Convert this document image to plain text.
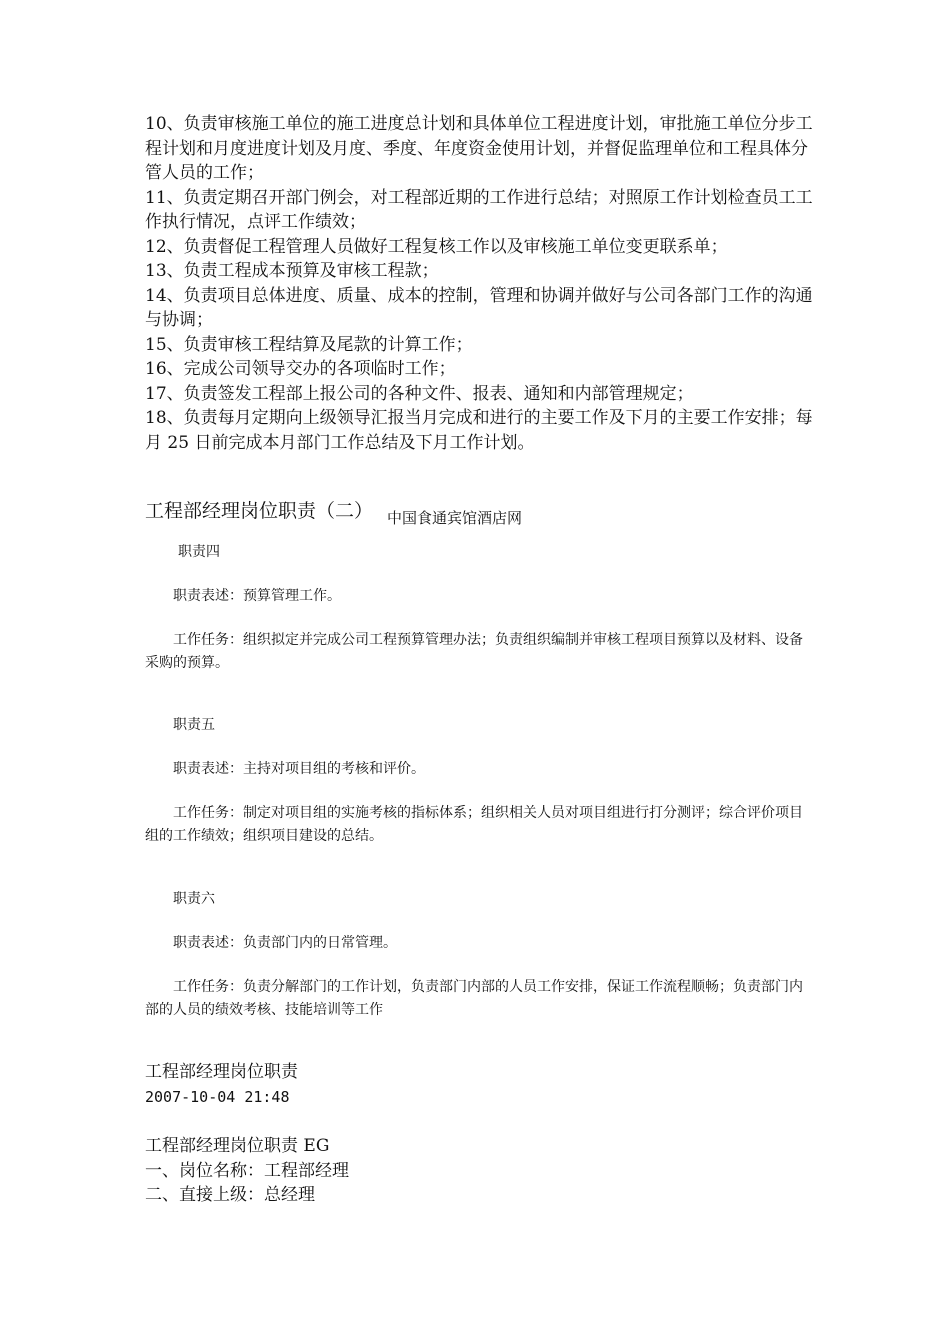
10、负责审核施工单位的施工进度总计划和具体单位工程进度计划，审批施工单位分步工程计划和月度进度计划及月度、季度、年度资金使用计划，并督促监理单位和工程具体分管人员的工作；

11、负责定期召开部门例会，对工程部近期的工作进行总结；对照原工作计划检查员工工作执行情况，点评工作绩效；

12、负责督促工程管理人员做好工程复核工作以及审核施工单位变更联系单；

13、负责工程成本预算及审核工程款；

14、负责项目总体进度、质量、成本的控制，管理和协调并做好与公司各部门工作的沟通与协调；

15、负责审核工程结算及尾款的计算工作；

16、完成公司领导交办的各项临时工作；

17、负责签发工程部上报公司的各种文件、报表、通知和内部管理规定；

18、负责每月定期向上级领导汇报当月完成和进行的主要工作及下月的主要工作安排；每月 25 日前完成本月部门工作总结及下月工作计划。

工程部经理岗位职责（二） $_{中国食通宾馆酒店网}$

职责四

职责表述：预算管理工作。

工作任务：组织拟定并完成公司工程预算管理办法；负责组织编制并审核工程项目预算以及材料、设备采购的预算。

职责五

职责表述：主持对项目组的考核和评价。

工作任务：制定对项目组的实施考核的指标体系；组织相关人员对项目组进行打分测评；综合评价项目组的工作绩效；组织项目建设的总结。

职责六

职责表述：负责部门内的日常管理。

工作任务：负责分解部门的工作计划，负责部门内部的人员工作安排，保证工作流程顺畅；负责部门内部的人员的绩效考核、技能培训等工作

工程部经理岗位职责

2007-10-04 21:48

工程部经理岗位职责 EG

一、岗位名称：工程部经理

二、直接上级：总经理
